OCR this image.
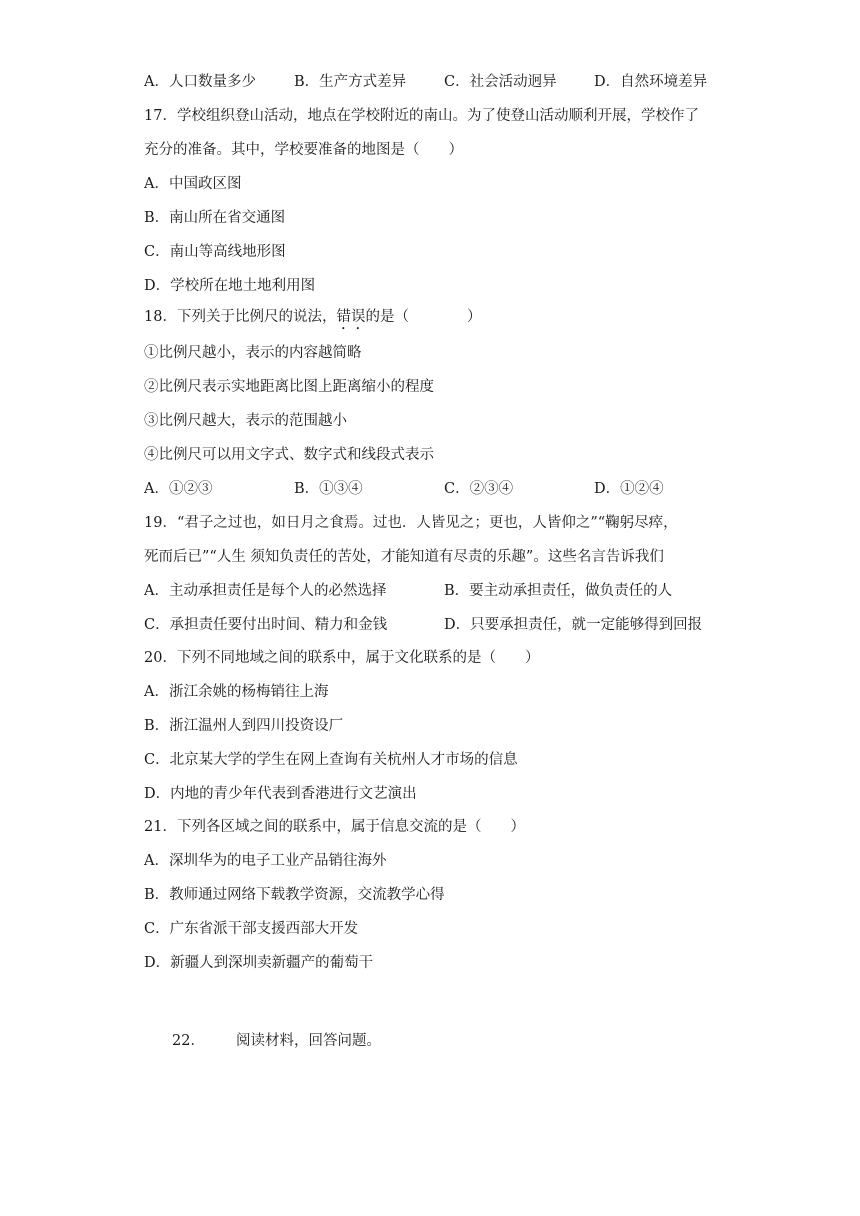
A．人口数量多少	B．生产方式差异	C．社会活动迥异	D．自然环境差异
17．学校组织登山活动，地点在学校附近的南山。为了使登山活动顺利开展，学校作了
充分的准备。其中，学校要准备的地图是（　　）
A．中国政区图
B．南山所在省交通图
C．南山等高线地形图
D．学校所在地土地利用图
18．下列关于比例尺的说法，错误的是（　　　　）
①比例尺越小，表示的内容越简略
②比例尺表示实地距离比图上距离缩小的程度
③比例尺越大，表示的范围越小
④比例尺可以用文字式、数字式和线段式表示
A．①②③	B．①③④	C．②③④	D．①②④
19．“君子之过也，如日月之食焉。过也．人皆见之；更也，人皆仰之”“鞠躬尽瘁，
死而后已”“人生 须知负责任的苦处，才能知道有尽责的乐趣”。这些名言告诉我们
A．主动承担责任是每个人的必然选择	B．要主动承担责任，做负责任的人
C．承担责任要付出时间、精力和金钱	D．只要承担责任，就一定能够得到回报
20．下列不同地域之间的联系中，属于文化联系的是（　　）
A．浙江余姚的杨梅销往上海
B．浙江温州人到四川投资设厂
C．北京某大学的学生在网上查询有关杭州人才市场的信息
D．内地的青少年代表到香港进行文艺演出
21．下列各区域之间的联系中，属于信息交流的是（　　）
A．深圳华为的电子工业产品销往海外
B．教师通过网络下载教学资源，交流教学心得
C．广东省派干部支援西部大开发
D．新疆人到深圳卖新疆产的葡萄干
22． 阅读材料，回答问题。
